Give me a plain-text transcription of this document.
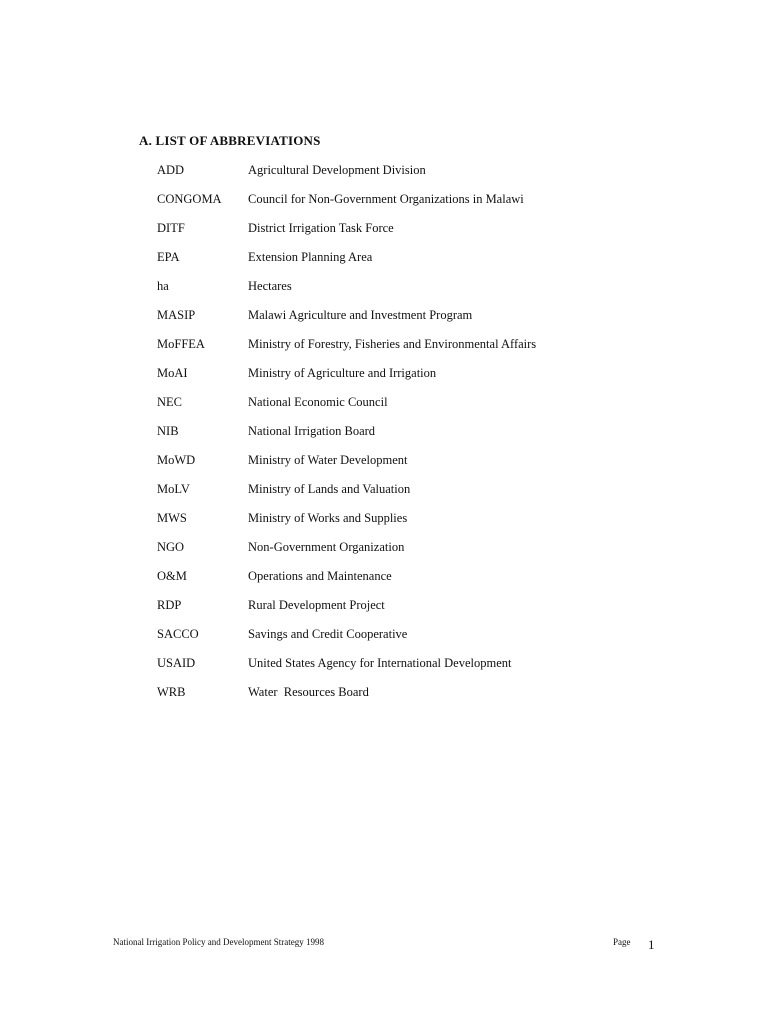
A. LIST OF ABBREVIATIONS
ADD	Agricultural Development Division
CONGOMA	Council for Non-Government Organizations in Malawi
DITF	District Irrigation Task Force
EPA	Extension Planning Area
ha	Hectares
MASIP	Malawi Agriculture and Investment Program
MoFFEA	Ministry of Forestry, Fisheries and Environmental Affairs
MoAI	Ministry of Agriculture and Irrigation
NEC	National Economic Council
NIB	National Irrigation Board
MoWD	Ministry of Water Development
MoLV	Ministry of Lands and Valuation
MWS	Ministry of Works and Supplies
NGO	Non-Government Organization
O&M	Operations and Maintenance
RDP	Rural Development Project
SACCO	Savings and Credit Cooperative
USAID	United States Agency for International Development
WRB	Water  Resources Board
National Irrigation Policy and Development Strategy 1998	Page 1
